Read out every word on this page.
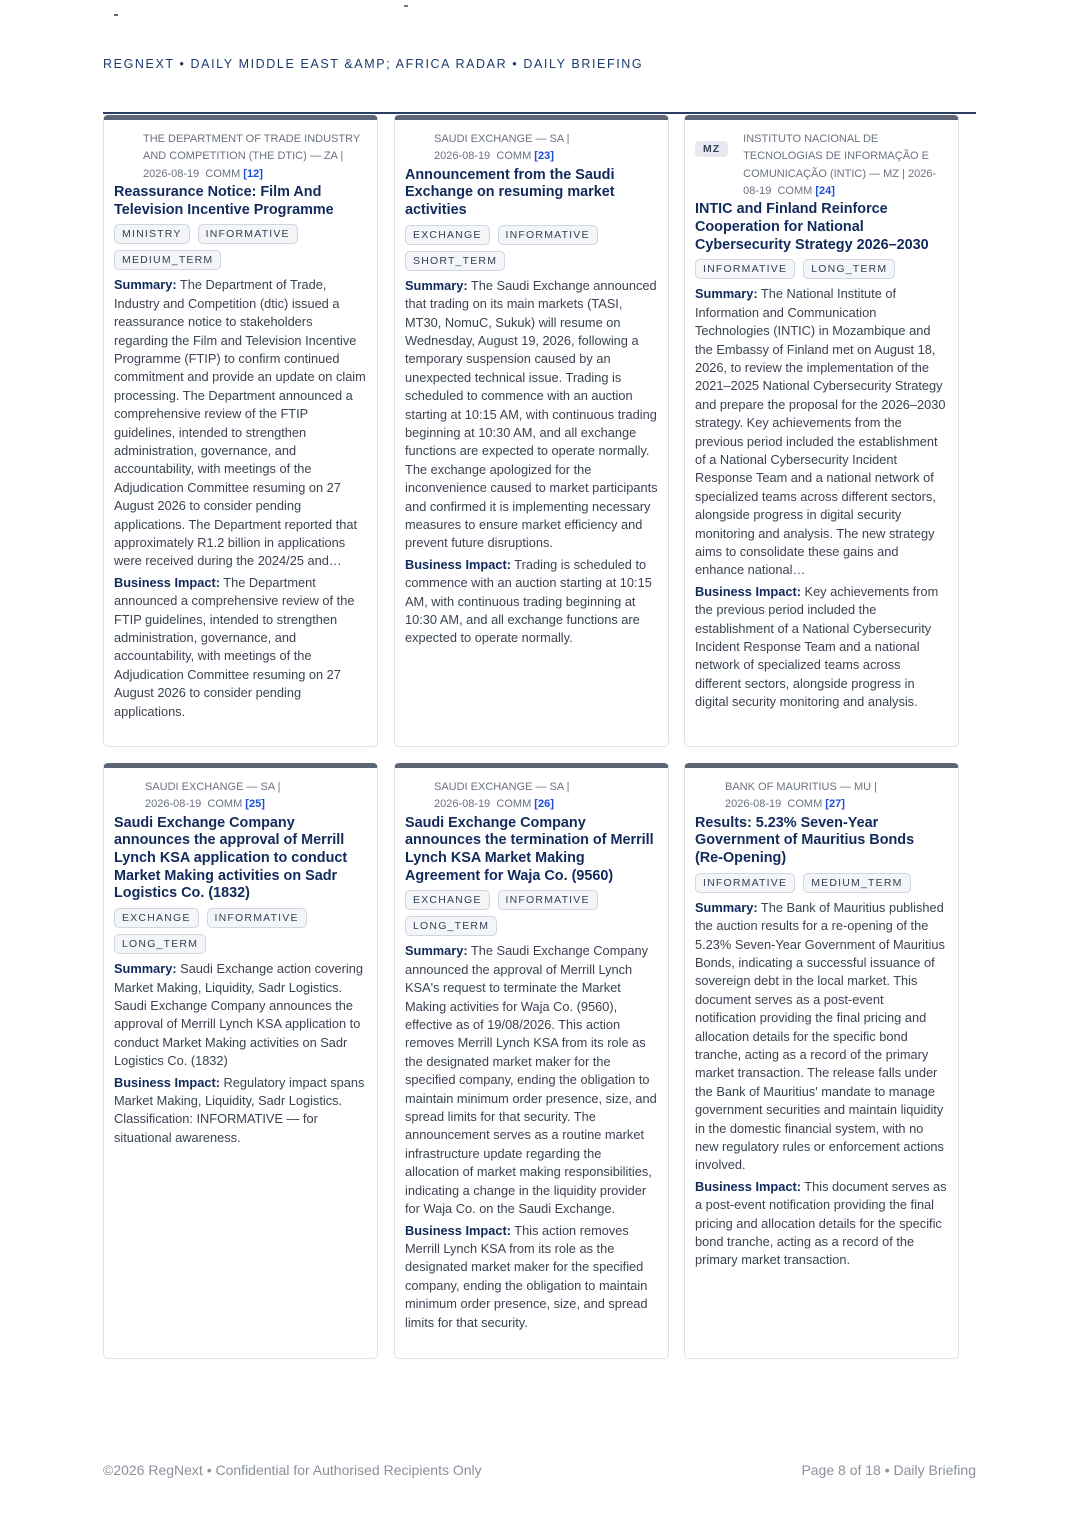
REGNEXT • DAILY MIDDLE EAST &AMP; AFRICA RADAR • DAILY BRIEFING
THE DEPARTMENT OF TRADE INDUSTRY AND COMPETITION (THE DTIC) — ZA |
2026-08-19 COMM [12]
Reassurance Notice: Film And Television Incentive Programme
MINISTRY	INFORMATIVE
MEDIUM_TERM

Summary: The Department of Trade, Industry and Competition (dtic) issued a reassurance notice to stakeholders regarding the Film and Television Incentive Programme (FTIP) to confirm continued commitment and provide an update on claim processing. The Department announced a comprehensive review of the FTIP guidelines, intended to strengthen administration, governance, and accountability, with meetings of the Adjudication Committee resuming on 27 August 2026 to consider pending applications. The Department reported that approximately R1.2 billion in applications were received during the 2024/25 and…

Business Impact: The Department announced a comprehensive review of the FTIP guidelines, intended to strengthen administration, governance, and accountability, with meetings of the Adjudication Committee resuming on 27 August 2026 to consider pending applications.

SAUDI EXCHANGE — SA |
2026-08-19 COMM [23]
Announcement from the Saudi Exchange on resuming market activities
EXCHANGE	INFORMATIVE
SHORT_TERM

Summary: The Saudi Exchange announced that trading on its main markets (TASI, MT30, NomuC, Sukuk) will resume on Wednesday, August 19, 2026, following a temporary suspension caused by an unexpected technical issue. Trading is scheduled to commence with an auction starting at 10:15 AM, with continuous trading beginning at 10:30 AM, and all exchange functions are expected to operate normally. The exchange apologized for the inconvenience caused to market participants and confirmed it is implementing necessary measures to ensure market efficiency and prevent future disruptions.

Business Impact: Trading is scheduled to commence with an auction starting at 10:15 AM, with continuous trading beginning at 10:30 AM, and all exchange functions are expected to operate normally.

MZ
INSTITUTO NACIONAL DE TECNOLOGIAS DE INFORMAÇÃO E COMUNICAÇÃO (INTIC) — MZ | 2026-08-19 COMM [24]
INTIC and Finland Reinforce Cooperation for National Cybersecurity Strategy 2026–2030
INFORMATIVE	LONG_TERM

Summary: The National Institute of Information and Communication Technologies (INTIC) in Mozambique and the Embassy of Finland met on August 18, 2026, to review the implementation of the 2021–2025 National Cybersecurity Strategy and prepare the proposal for the 2026–2030 strategy. Key achievements from the previous period included the establishment of a National Cybersecurity Incident Response Team and a national network of specialized teams across different sectors, alongside progress in digital security monitoring and analysis. The new strategy aims to consolidate these gains and enhance national…

Business Impact: Key achievements from the previous period included the establishment of a National Cybersecurity Incident Response Team and a national network of specialized teams across different sectors, alongside progress in digital security monitoring and analysis.

SAUDI EXCHANGE — SA |
2026-08-19 COMM [25]
Saudi Exchange Company announces the approval of Merrill Lynch KSA application to conduct Market Making activities on Sadr Logistics Co. (1832)
EXCHANGE	INFORMATIVE
LONG_TERM

Summary: Saudi Exchange action covering Market Making, Liquidity, Sadr Logistics. Saudi Exchange Company announces the approval of Merrill Lynch KSA application to conduct Market Making activities on Sadr Logistics Co. (1832)

Business Impact: Regulatory impact spans Market Making, Liquidity, Sadr Logistics. Classification: INFORMATIVE — for situational awareness.

SAUDI EXCHANGE — SA |
2026-08-19 COMM [26]
Saudi Exchange Company announces the termination of Merrill Lynch KSA Market Making Agreement for Waja Co. (9560)
EXCHANGE	INFORMATIVE
LONG_TERM

Summary: The Saudi Exchange Company announced the approval of Merrill Lynch KSA's request to terminate the Market Making activities for Waja Co. (9560), effective as of 19/08/2026. This action removes Merrill Lynch KSA from its role as the designated market maker for the specified company, ending the obligation to maintain minimum order presence, size, and spread limits for that security. The announcement serves as a routine market infrastructure update regarding the allocation of market making responsibilities, indicating a change in the liquidity provider for Waja Co. on the Saudi Exchange.

Business Impact: This action removes Merrill Lynch KSA from its role as the designated market maker for the specified company, ending the obligation to maintain minimum order presence, size, and spread limits for that security.

BANK OF MAURITIUS — MU |
2026-08-19 COMM [27]
Results: 5.23% Seven-Year Government of Mauritius Bonds (Re-Opening)
INFORMATIVE	MEDIUM_TERM

Summary: The Bank of Mauritius published the auction results for a re-opening of the 5.23% Seven-Year Government of Mauritius Bonds, indicating a successful issuance of sovereign debt in the local market. This document serves as a post-event notification providing the final pricing and allocation details for the specific bond tranche, acting as a record of the primary market transaction. The release falls under the Bank of Mauritius' mandate to manage government securities and maintain liquidity in the domestic financial system, with no new regulatory rules or enforcement actions involved.

Business Impact: This document serves as a post-event notification providing the final pricing and allocation details for the specific bond tranche, acting as a record of the primary market transaction.

©2026 RegNext • Confidential for Authorised Recipients Only	Page 8 of 18 • Daily Briefing
